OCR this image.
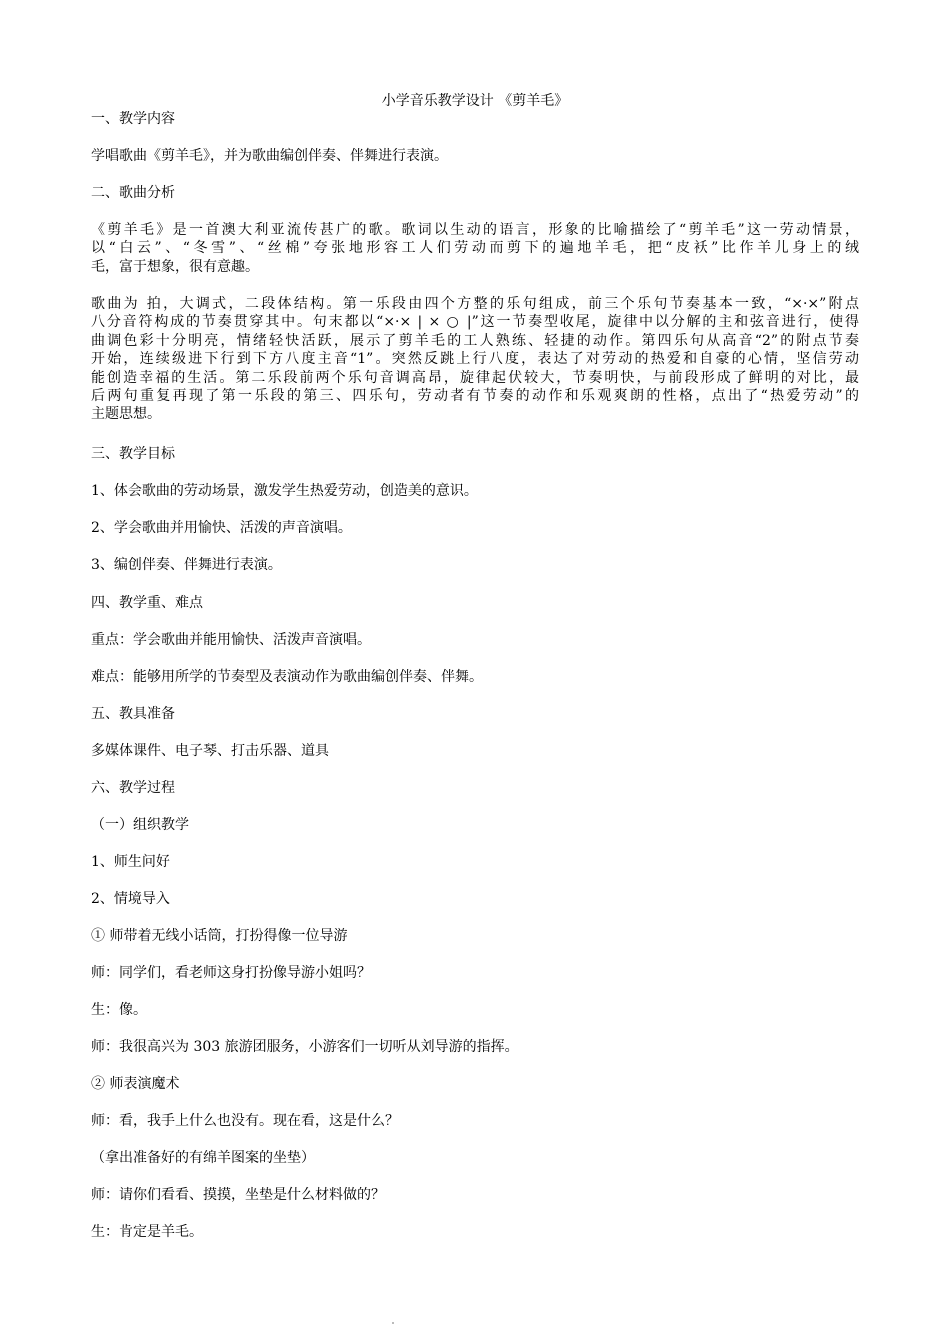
小学音乐教学设计 《剪羊毛》
一、教学内容
学唱歌曲《剪羊毛》，并为歌曲编创伴奏、伴舞进行表演。
二、歌曲分析
《剪羊毛》是一首澳大利亚流传甚广的歌。歌词以生动的语言，形象的比喻描绘了“剪羊毛”这一劳动情景，
以“白云”、“冬雪”、“丝棉”夸张地形容工人们劳动而剪下的遍地羊毛，把“皮袄”比作羊儿身上的绒
毛，富于想象，很有意趣。
歌曲为 拍，大调式，二段体结构。第一乐段由四个方整的乐句组成，前三个乐句节奏基本一致，“×·×”附点
八分音符构成的节奏贯穿其中。句末都以“×·× | × ○ |”这一节奏型收尾，旋律中以分解的主和弦音进行，使得
曲调色彩十分明亮，情绪轻快活跃，展示了剪羊毛的工人熟练、轻捷的动作。第四乐句从高音“2”的附点节奏
开始，连续级进下行到下方八度主音“1”。突然反跳上行八度，表达了对劳动的热爱和自豪的心情，坚信劳动
能创造幸福的生活。第二乐段前两个乐句音调高昂，旋律起伏较大，节奏明快，与前段形成了鲜明的对比，最
后两句重复再现了第一乐段的第三、四乐句，劳动者有节奏的动作和乐观爽朗的性格，点出了“热爱劳动”的
主题思想。
三、教学目标
1、体会歌曲的劳动场景，激发学生热爱劳动，创造美的意识。
2、学会歌曲并用愉快、活泼的声音演唱。
3、编创伴奏、伴舞进行表演。
四、教学重、难点
重点：学会歌曲并能用愉快、活泼声音演唱。
难点：能够用所学的节奏型及表演动作为歌曲编创伴奏、伴舞。
五、教具准备
多媒体课件、电子琴、打击乐器、道具
六、教学过程
（一）组织教学
1、师生问好
2、情境导入
① 师带着无线小话筒，打扮得像一位导游
师：同学们，看老师这身打扮像导游小姐吗？
生：像。
师：我很高兴为 303 旅游团服务，小游客们一切听从刘导游的指挥。
② 师表演魔术
师：看，我手上什么也没有。现在看，这是什么？
（拿出准备好的有绵羊图案的坐垫）
师：请你们看看、摸摸，坐垫是什么材料做的？
生：肯定是羊毛。
